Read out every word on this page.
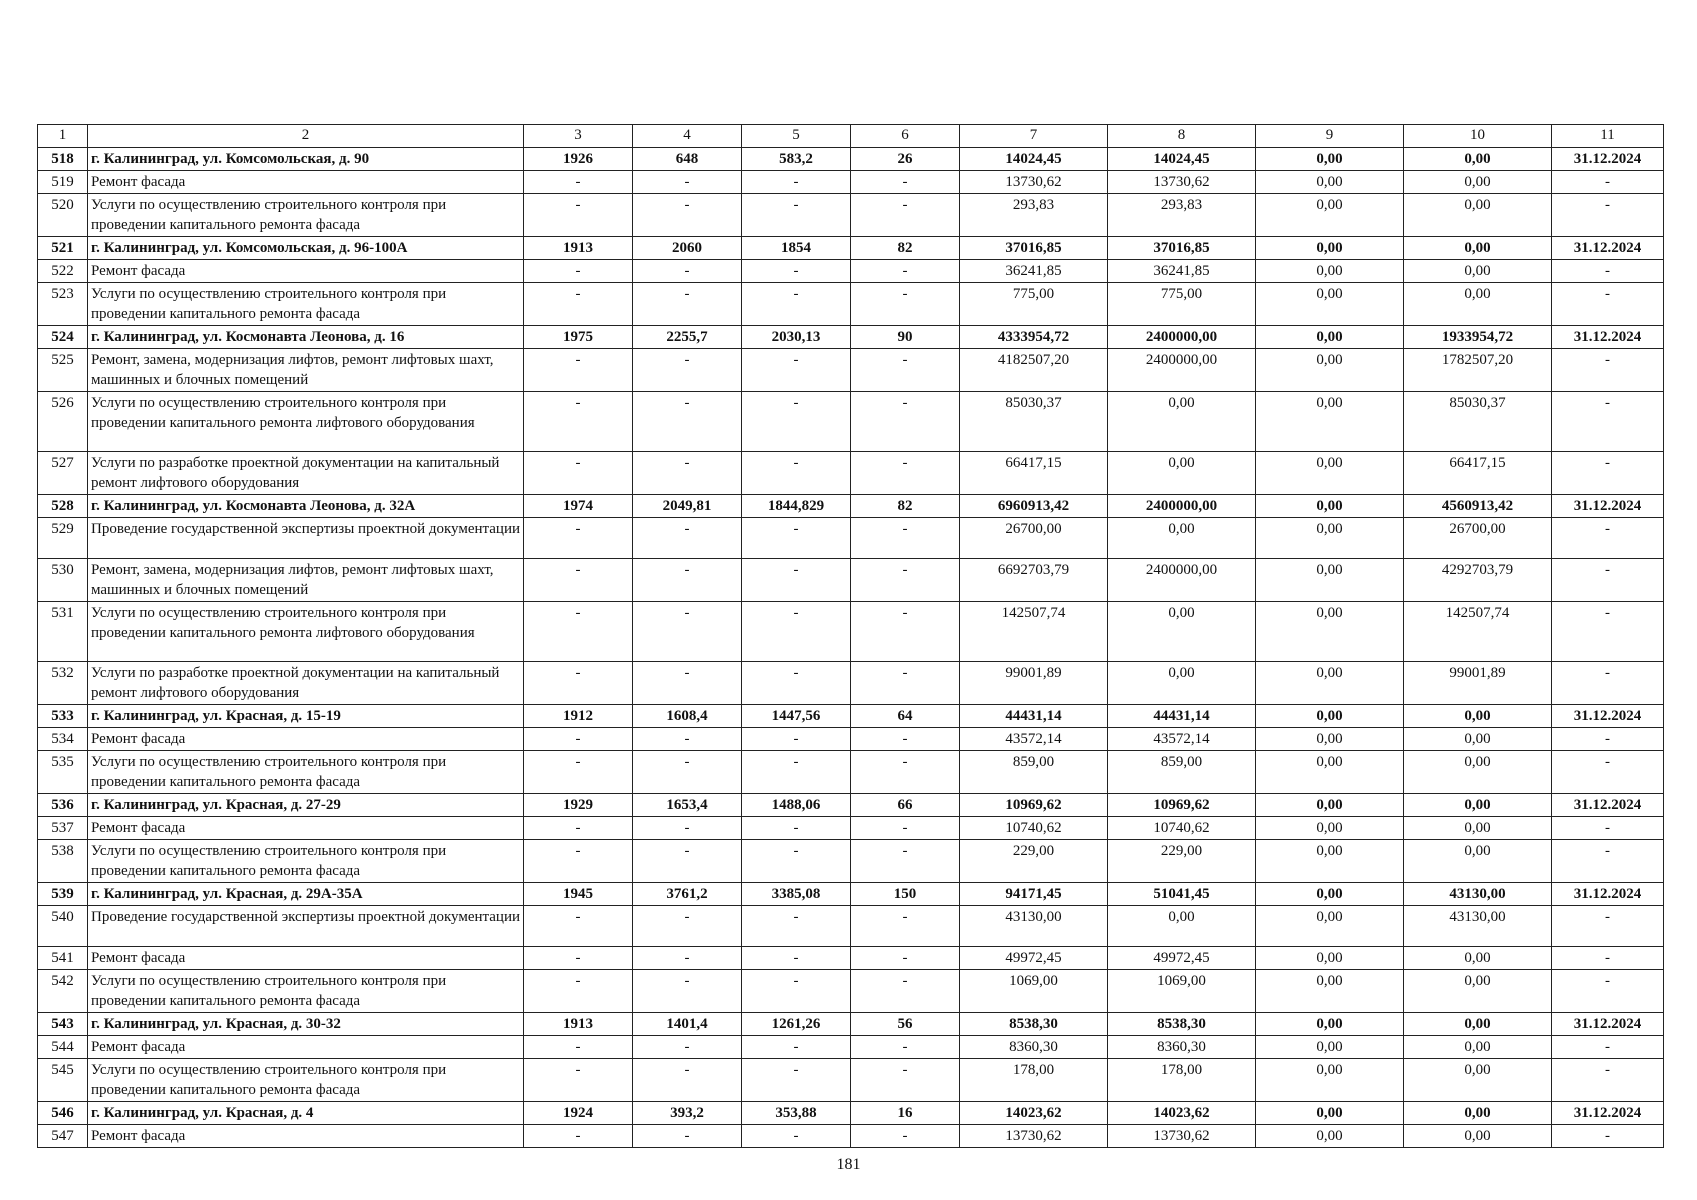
1	2	3	4	5	6	7	8	9	10	11
518	г. Калининград, ул. Комсомольская, д. 90	1926	648	583,2	26	14024,45	14024,45	0,00	0,00	31.12.2024
519	Ремонт фасада	-	-	-	-	13730,62	13730,62	0,00	0,00	-
520	Услуги по осуществлению строительного контроля при проведении капитального ремонта фасада	-	-	-	-	293,83	293,83	0,00	0,00	-
521	г. Калининград, ул. Комсомольская, д. 96-100А	1913	2060	1854	82	37016,85	37016,85	0,00	0,00	31.12.2024
522	Ремонт фасада	-	-	-	-	36241,85	36241,85	0,00	0,00	-
523	Услуги по осуществлению строительного контроля при проведении капитального ремонта фасада	-	-	-	-	775,00	775,00	0,00	0,00	-
524	г. Калининград, ул. Космонавта Леонова, д. 16	1975	2255,7	2030,13	90	4333954,72	2400000,00	0,00	1933954,72	31.12.2024
525	Ремонт, замена, модернизация лифтов, ремонт лифтовых шахт, машинных и блочных помещений	-	-	-	-	4182507,20	2400000,00	0,00	1782507,20	-
526	Услуги по осуществлению строительного контроля при проведении капитального ремонта лифтового оборудования	-	-	-	-	85030,37	0,00	0,00	85030,37	-
527	Услуги по разработке проектной документации на капитальный ремонт лифтового оборудования	-	-	-	-	66417,15	0,00	0,00	66417,15	-
528	г. Калининград, ул. Космонавта Леонова, д. 32А	1974	2049,81	1844,829	82	6960913,42	2400000,00	0,00	4560913,42	31.12.2024
529	Проведение государственной экспертизы проектной документации	-	-	-	-	26700,00	0,00	0,00	26700,00	-
530	Ремонт, замена, модернизация лифтов, ремонт лифтовых шахт, машинных и блочных помещений	-	-	-	-	6692703,79	2400000,00	0,00	4292703,79	-
531	Услуги по осуществлению строительного контроля при проведении капитального ремонта лифтового оборудования	-	-	-	-	142507,74	0,00	0,00	142507,74	-
532	Услуги по разработке проектной документации на капитальный ремонт лифтового оборудования	-	-	-	-	99001,89	0,00	0,00	99001,89	-
533	г. Калининград, ул. Красная, д. 15-19	1912	1608,4	1447,56	64	44431,14	44431,14	0,00	0,00	31.12.2024
534	Ремонт фасада	-	-	-	-	43572,14	43572,14	0,00	0,00	-
535	Услуги по осуществлению строительного контроля при проведении капитального ремонта фасада	-	-	-	-	859,00	859,00	0,00	0,00	-
536	г. Калининград, ул. Красная, д. 27-29	1929	1653,4	1488,06	66	10969,62	10969,62	0,00	0,00	31.12.2024
537	Ремонт фасада	-	-	-	-	10740,62	10740,62	0,00	0,00	-
538	Услуги по осуществлению строительного контроля при проведении капитального ремонта фасада	-	-	-	-	229,00	229,00	0,00	0,00	-
539	г. Калининград, ул. Красная, д. 29А-35А	1945	3761,2	3385,08	150	94171,45	51041,45	0,00	43130,00	31.12.2024
540	Проведение государственной экспертизы проектной документации	-	-	-	-	43130,00	0,00	0,00	43130,00	-
541	Ремонт фасада	-	-	-	-	49972,45	49972,45	0,00	0,00	-
542	Услуги по осуществлению строительного контроля при проведении капитального ремонта фасада	-	-	-	-	1069,00	1069,00	0,00	0,00	-
543	г. Калининград, ул. Красная, д. 30-32	1913	1401,4	1261,26	56	8538,30	8538,30	0,00	0,00	31.12.2024
544	Ремонт фасада	-	-	-	-	8360,30	8360,30	0,00	0,00	-
545	Услуги по осуществлению строительного контроля при проведении капитального ремонта фасада	-	-	-	-	178,00	178,00	0,00	0,00	-
546	г. Калининград, ул. Красная, д. 4	1924	393,2	353,88	16	14023,62	14023,62	0,00	0,00	31.12.2024
547	Ремонт фасада	-	-	-	-	13730,62	13730,62	0,00	0,00	-
181
